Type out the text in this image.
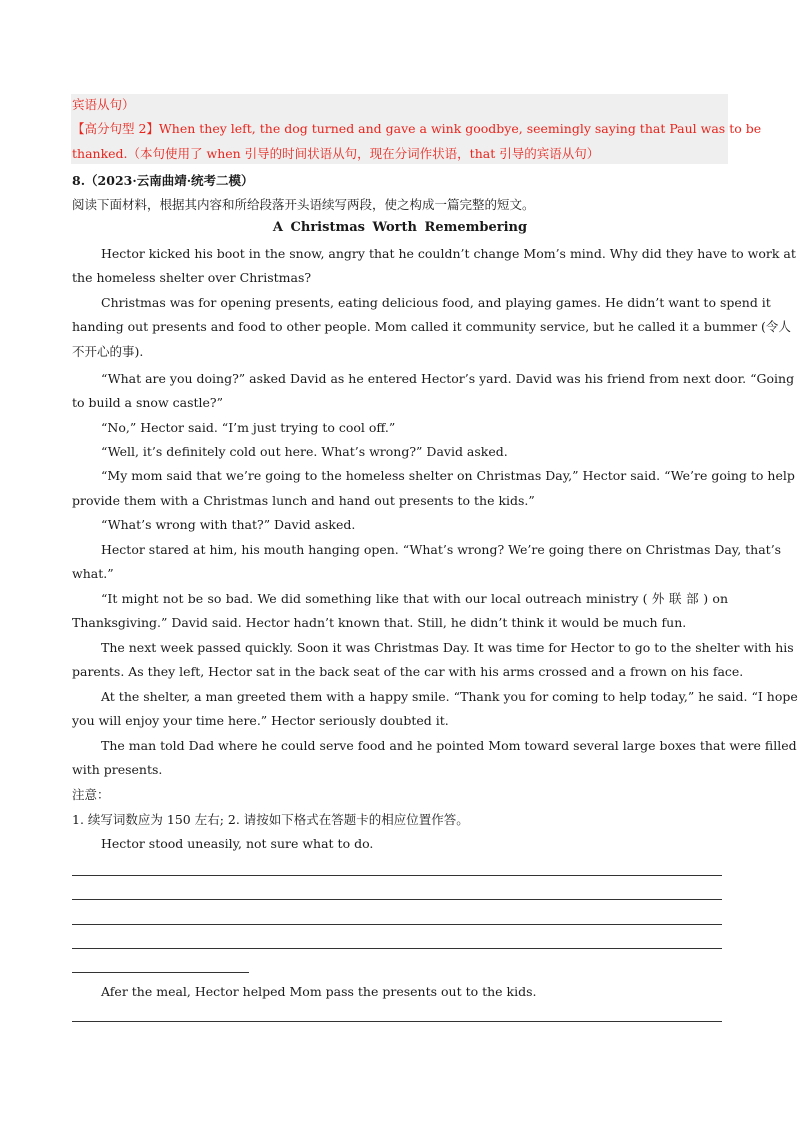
宾语从句）
【高分句型 2】When they left, the dog turned and gave a wink goodbye, seemingly saying that Paul was to be
thanked.（本句使用了 when 引导的时间状语从句，现在分词作状语，that 引导的宾语从句）
8.（2023·云南曲靖·统考二模）
阅读下面材料，根据其内容和所给段落开头语续写两段，使之构成一篇完整的短文。
A Christmas Worth Remembering
Hector kicked his boot in the snow, angry that he couldn’t change Mom’s mind. Why did they have to work at
the homeless shelter over Christmas?
Christmas was for opening presents, eating delicious food, and playing games. He didn’t want to spend it
handing out presents and food to other people. Mom called it community service, but he called it a bummer (令人
不开心的事).
“What are you doing?” asked David as he entered Hector’s yard. David was his friend from next door. “Going
to build a snow castle?”
“No,” Hector said. “I’m just trying to cool off.”
“Well, it’s definitely cold out here. What’s wrong?” David asked.
“My mom said that we’re going to the homeless shelter on Christmas Day,” Hector said. “We’re going to help
provide them with a Christmas lunch and hand out presents to the kids.”
“What’s wrong with that?” David asked.
Hector stared at him, his mouth hanging open. “What’s wrong? We’re going there on Christmas Day, that’s
what.”
“It might not be so bad. We did something like that with our local outreach ministry ( 外 联 部 ) on
Thanksgiving.” David said. Hector hadn’t known that. Still, he didn’t think it would be much fun.
The next week passed quickly. Soon it was Christmas Day. It was time for Hector to go to the shelter with his
parents. As they left, Hector sat in the back seat of the car with his arms crossed and a frown on his face.
At the shelter, a man greeted them with a happy smile. “Thank you for coming to help today,” he said. “I hope
you will enjoy your time here.” Hector seriously doubted it.
The man told Dad where he could serve food and he pointed Mom toward several large boxes that were filled
with presents.
注意：
1. 续写词数应为 150 左右; 2. 请按如下格式在答题卡的相应位置作答。
Hector stood uneasily, not sure what to do.
Afer the meal, Hector helped Mom pass the presents out to the kids.
